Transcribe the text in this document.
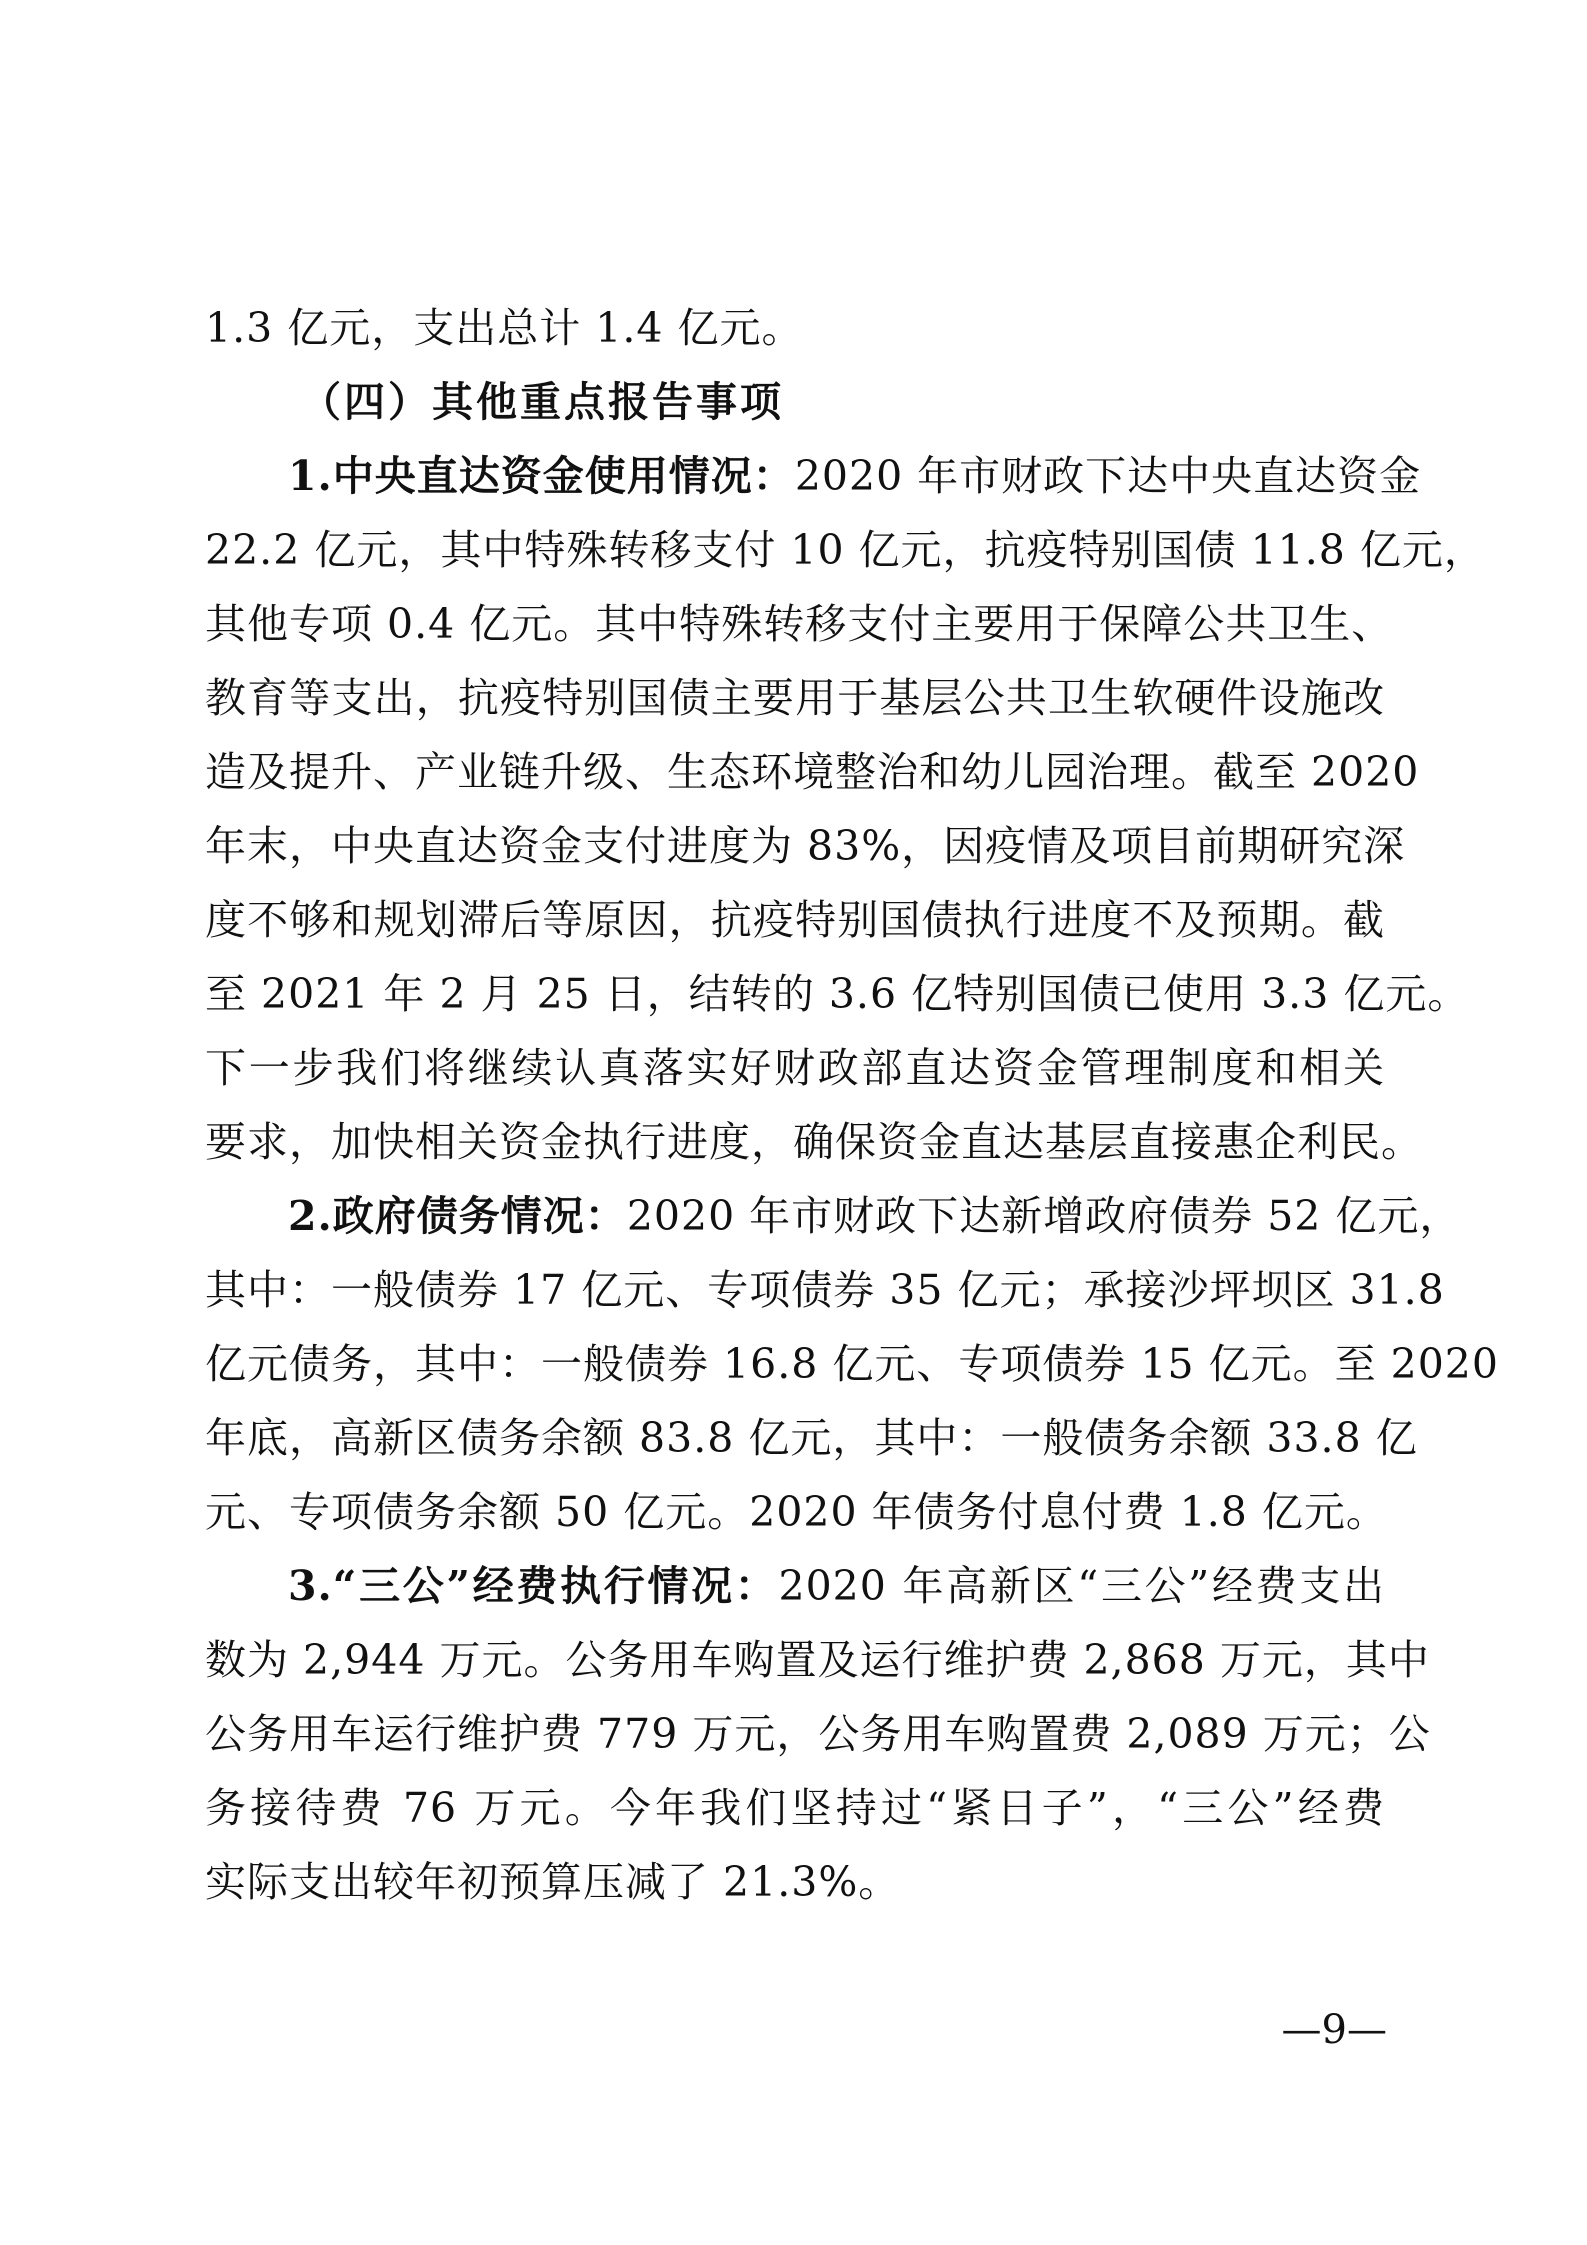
1.3 亿元，支出总计 1.4 亿元。
（四）其他重点报告事项
1.中央直达资金使用情况：2020 年市财政下达中央直达资金
22.2 亿元，其中特殊转移支付 10 亿元，抗疫特别国债 11.8 亿元，
其他专项 0.4 亿元。其中特殊转移支付主要用于保障公共卫生、
教育等支出，抗疫特别国债主要用于基层公共卫生软硬件设施改
造及提升、产业链升级、生态环境整治和幼儿园治理。截至 2020
年末，中央直达资金支付进度为 83%，因疫情及项目前期研究深
度不够和规划滞后等原因，抗疫特别国债执行进度不及预期。截
至 2021 年 2 月 25 日，结转的 3.6 亿特别国债已使用 3.3 亿元。
下一步我们将继续认真落实好财政部直达资金管理制度和相关
要求，加快相关资金执行进度，确保资金直达基层直接惠企利民。
2.政府债务情况：2020 年市财政下达新增政府债券 52 亿元，
其中：一般债券 17 亿元、专项债券 35 亿元；承接沙坪坝区 31.8
亿元债务，其中：一般债券 16.8 亿元、专项债券 15 亿元。至 2020
年底，高新区债务余额 83.8 亿元，其中：一般债务余额 33.8 亿
元、专项债务余额 50 亿元。2020 年债务付息付费 1.8 亿元。
3.“三公”经费执行情况：2020 年高新区“三公”经费支出
数为 2,944 万元。公务用车购置及运行维护费 2,868 万元，其中
公务用车运行维护费 779 万元，公务用车购置费 2,089 万元；公
务接待费 76 万元。今年我们坚持过“紧日子”，“三公”经费
实际支出较年初预算压减了 21.3%。
—9—
